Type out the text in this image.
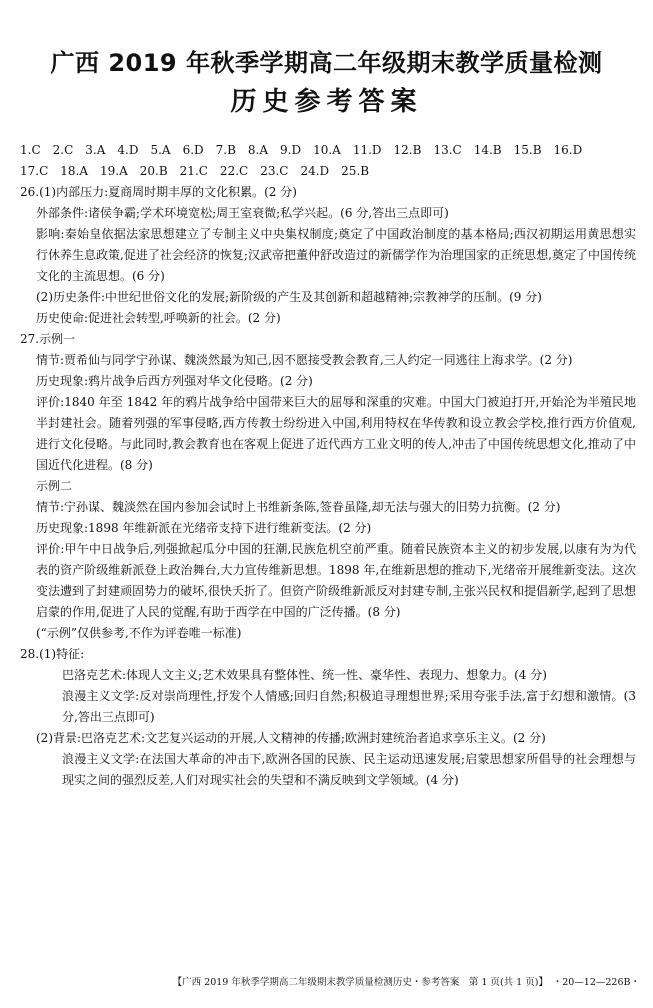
广西 2019 年秋季学期高二年级期末教学质量检测
历史参考答案
1.C　2.C　3.A　4.D　5.A　6.D　7.B　8.A　9.D　10.A　11.D　12.B　13.C　14.B　15.B　16.D
17.C　18.A　19.A　20.B　21.C　22.C　23.C　24.D　25.B
26.(1)内部压力:夏商周时期丰厚的文化积累。(2 分)
外部条件:诸侯争霸;学术环境宽松;周王室衰微;私学兴起。(6 分,答出三点即可)
影响:秦始皇依据法家思想建立了专制主义中央集权制度;奠定了中国政治制度的基本格局;西汉初期运用黄思想实行休养生息政策,促进了社会经济的恢复;汉武帝把董仲舒改造过的新儒学作为治理国家的正统思想,奠定了中国传统文化的主流思想。(6 分)
(2)历史条件:中世纪世俗文化的发展;新阶级的产生及其创新和超越精神;宗教神学的压制。(9 分)
历史使命:促进社会转型,呼唤新的社会。(2 分)
27.示例一
情节:贾希仙与同学宁孙谋、魏淡然最为知己,因不愿接受教会教育,三人约定一同逃往上海求学。(2 分)
历史现象:鸦片战争后西方列强对华文化侵略。(2 分)
评价:1840 年至 1842 年的鸦片战争给中国带来巨大的屈辱和深重的灾难。中国大门被迫打开,开始沦为半殖民地半封建社会。随着列强的军事侵略,西方传教士纷纷进入中国,利用特权在华传教和设立教会学校,推行西方价值观,进行文化侵略。与此同时,教会教育也在客观上促进了近代西方工业文明的传人,冲击了中国传统思想文化,推动了中国近代化进程。(8 分)
示例二
情节:宁孙谋、魏淡然在国内参加会试时上书维新条陈,签眷虽隆,却无法与强大的旧势力抗衡。(2 分)
历史现象:1898 年维新派在光绪帝支持下进行维新变法。(2 分)
评价:甲午中日战争后,列强掀起瓜分中国的狂潮,民族危机空前严重。随着民族资本主义的初步发展,以康有为为代表的资产阶级维新派登上政治舞台,大力宣传维新思想。1898 年,在维新思想的推动下,光绪帝开展维新变法。这次变法遭到了封建顽固势力的破坏,很快夭折了。但资产阶级维新派反对封建专制,主张兴民权和提倡新学,起到了思想启蒙的作用,促进了人民的觉醒,有助于西学在中国的广泛传播。(8 分)
(“示例”仅供参考,不作为评卷唯一标准)
28.(1)特征:
巴洛克艺术:体现人文主义;艺术效果具有整体性、统一性、豪华性、表现力、想象力。(4 分)
浪漫主义文学:反对崇尚理性,抒发个人情感;回归自然;积极追寻理想世界;采用夸张手法,富于幻想和激情。(3 分,答出三点即可)
(2)背景:巴洛克艺术:文艺复兴运动的开展,人文精神的传播;欧洲封建统治者追求享乐主义。(2 分)
浪漫主义文学:在法国大革命的冲击下,欧洲各国的民族、民主运动迅速发展;启蒙思想家所倡导的社会理想与现实之间的强烈反差,人们对现实社会的失望和不满反映到文学领域。(4 分)
【广西 2019 年秋季学期高二年级期末教学质量检测历史・参考答案　第 1 页(共 1 页)】　・20—12—226B・
